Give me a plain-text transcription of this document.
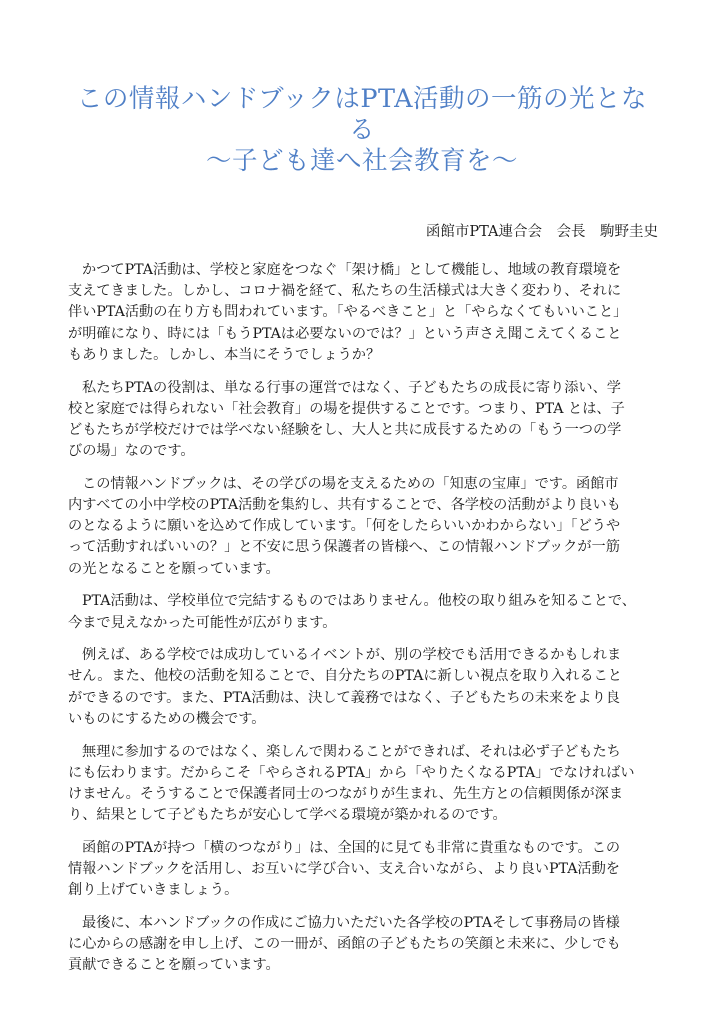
この情報ハンドブックはPTA活動の一筋の光とな
る
〜子ども達へ社会教育を〜
函館市PTA連合会　会長　駒野圭史

かつてPTA活動は、学校と家庭をつなぐ「架け橋」として機能し、地域の教育環境を
支えてきました。しかし、コロナ禍を経て、私たちの生活様式は大きく変わり、それに
伴いPTA活動の在り方も問われています。「やるべきこと」と「やらなくてもいいこと」
が明確になり、時には「もうPTAは必要ないのでは？」という声さえ聞こえてくること
もありました。しかし、本当にそうでしょうか？

私たちPTAの役割は、単なる行事の運営ではなく、子どもたちの成長に寄り添い、学
校と家庭では得られない「社会教育」の場を提供することです。つまり、PTA とは、子
どもたちが学校だけでは学べない経験をし、大人と共に成長するための「もう一つの学
びの場」なのです。

この情報ハンドブックは、その学びの場を支えるための「知恵の宝庫」です。函館市
内すべての小中学校のPTA活動を集約し、共有することで、各学校の活動がより良いも
のとなるように願いを込めて作成しています。「何をしたらいいかわからない」「どうや
って活動すればいいの？」と不安に思う保護者の皆様へ、この情報ハンドブックが一筋
の光となることを願っています。

PTA活動は、学校単位で完結するものではありません。他校の取り組みを知ることで、
今まで見えなかった可能性が広がります。

例えば、ある学校では成功しているイベントが、別の学校でも活用できるかもしれま
せん。また、他校の活動を知ることで、自分たちのPTAに新しい視点を取り入れること
ができるのです。また、PTA活動は、決して義務ではなく、子どもたちの未来をより良
いものにするための機会です。

無理に参加するのではなく、楽しんで関わることができれば、それは必ず子どもたち
にも伝わります。だからこそ「やらされるPTA」から「やりたくなるPTA」でなければい
けません。そうすることで保護者同士のつながりが生まれ、先生方との信頼関係が深ま
り、結果として子どもたちが安心して学べる環境が築かれるのです。

函館のPTAが持つ「横のつながり」は、全国的に見ても非常に貴重なものです。この
情報ハンドブックを活用し、お互いに学び合い、支え合いながら、より良いPTA活動を
創り上げていきましょう。

最後に、本ハンドブックの作成にご協力いただいた各学校のPTAそして事務局の皆様
に心からの感謝を申し上げ、この一冊が、函館の子どもたちの笑顔と未来に、少しでも
貢献できることを願っています。
